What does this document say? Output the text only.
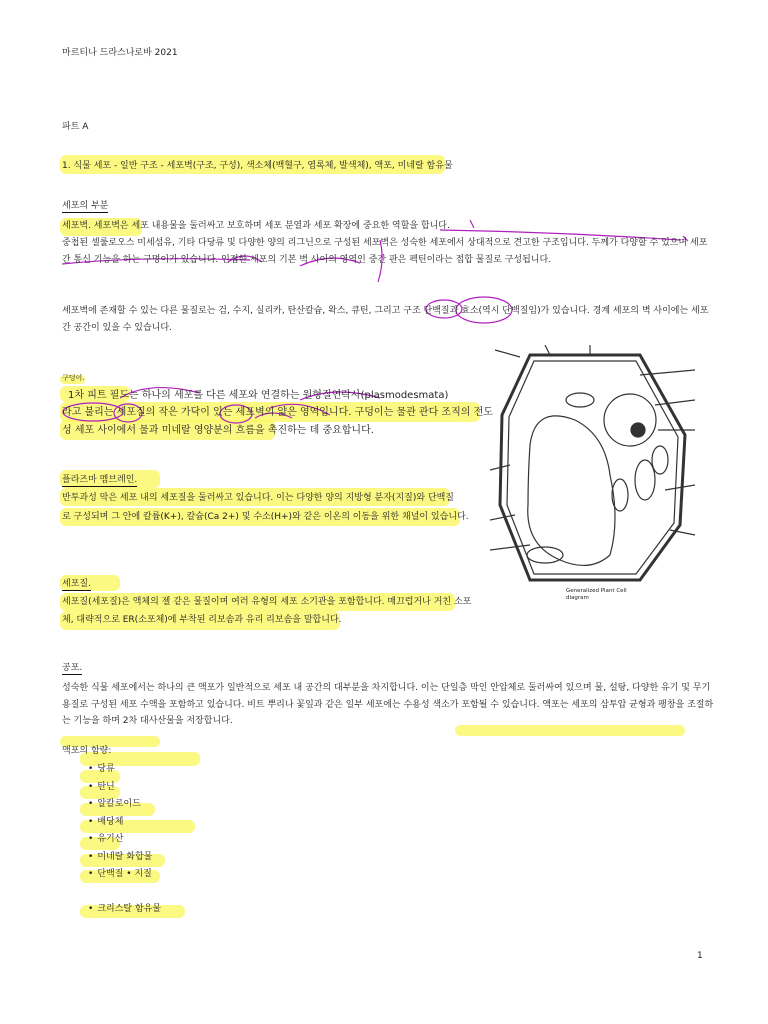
마르티나 드라스나로바 2021
파트 A
1. 식물 세포 - 일반 구조 - 세포벽(구조, 구성), 색소체(백혈구, 엽록체, 발색체), 액포, 미네랄 함유물
세포의 부분
세포벽. 세포벽은 세포 내용물을 둘러싸고 보호하며 세포 분열과 세포 확장에 중요한 역할을 합니다.
중첩된 셀룰로오스 미세섬유, 기타 다당류 및 다양한 양의 리그닌으로 구성된 세포벽은 성숙한 세포에서 상대적으로 견고한 구조입니다. 두께가 다양할 수 있으며 세포
간 통신 기능을 하는 구멍이가 있습니다. 인접한 세포의 기본 벽 사이의 영역인 중간 판은 펙틴이라는 접합 물질로 구성됩니다.
세포벽에 존재할 수 있는 다른 물질로는 검, 수지, 실리카, 탄산칼슘, 왁스, 큐틴, 그리고 구조 단백질과 효소(역시 단백질임)가 있습니다. 경계 세포의 벽 사이에는 세포
간 공간이 있을 수 있습니다.
구덩이.
1차 피트 필드는 하나의 세포를 다른 세포와 연결하는 원형질연락사(plasmodesmata)
라고 불리는 세포질의 작은 가닥이 있는 세포벽의 얇은 영역입니다. 구덩이는 물관 관다 조직의 전도
성 세포 사이에서 물과 미네랄 영양분의 흐름을 촉진하는 데 중요합니다.
플라즈마 멤브레인.
반투과성 막은 세포 내의 세포질을 둘러싸고 있습니다. 이는 다양한 양의 지방형 분자(지질)와 단백질
로 구성되며 그 안에 칼륨(K+), 칼슘(Ca 2+) 및 수소(H+)와 같은 이온의 이동을 위한 채널이 있습니다.
세포질.
세포질(세포질)은 액체의 젤 같은 물질이며 여러 유형의 세포 소기관을 포함합니다. 매끄럽거나 거친 소포
체, 대략적으로 ER(소포체)에 부착된 리보솜과 유리 리보솜을 말합니다.
공포.
성숙한 식물 세포에서는 하나의 큰 액포가 일반적으로 세포 내 공간의 대부분을 차지합니다. 이는 단일층 막인 안압체로 둘러싸여 있으며 물, 설탕, 다양한 유기 및 무기
용질로 구성된 세포 수액을 포함하고 있습니다. 비트 뿌리나 꽃잎과 같은 일부 세포에는 수용성 색소가 포함될 수 있습니다. 액포는 세포의 삼투압 균형과 팽창을 조절하
는 기능을 하며 2차 대사산물을 저장합니다.
액포의 함량:
• 당류
• 탄닌
• 알칼로이드
• 배당체
• 유기산
• 미네랄 화합물
• 단백질 • 지질
• 크리스탈 함유물
Generalized Plant Cell
diagram
1
